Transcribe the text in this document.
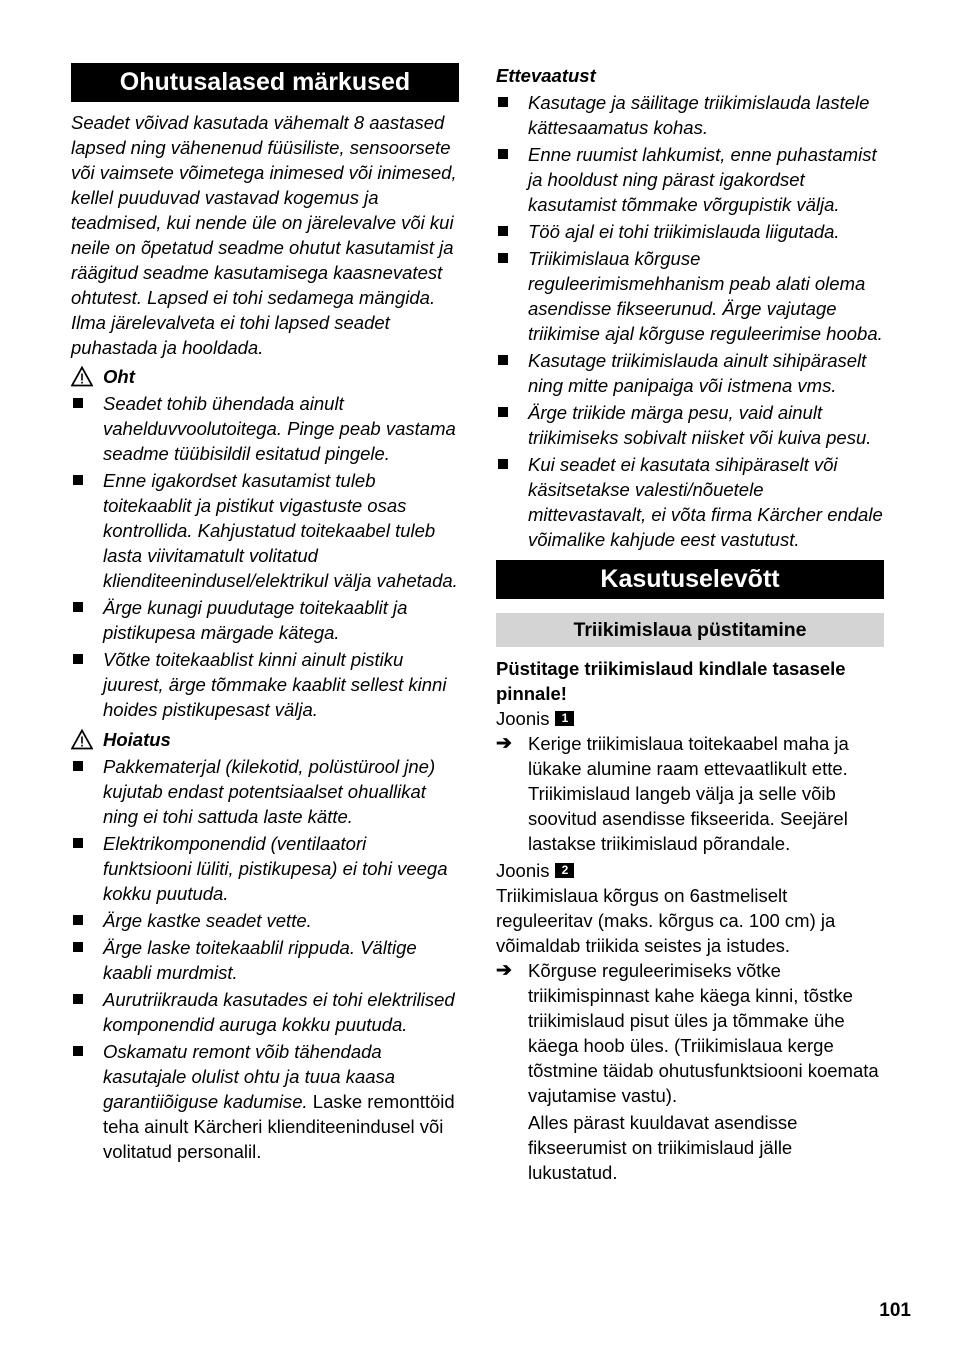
Ohutusalased märkused

Seadet võivad kasutada vähemalt 8 aastased lapsed ning vähenenud füüsiliste, sensoorsete või vaimsete võimetega inimesed või inimesed, kellel puuduvad vastavad kogemus ja teadmised, kui nende üle on järelevalve või kui neile on õpetatud seadme ohutut kasutamist ja räägitud seadme kasutamisega kaasnevatest ohtutest. Lapsed ei tohi sedamega mängida. Ilma järelevalveta ei tohi lapsed seadet puhastada ja hooldada.

Oht
Seadet tohib ühendada ainult vahelduvvoolutoitega. Pinge peab vastama seadme tüübisildil esitatud pingele.
Enne igakordset kasutamist tuleb toitekaablit ja pistikut vigastuste osas kontrollida. Kahjustatud toitekaabel tuleb lasta viivitamatult volitatud klienditeenindusel/elektrikul välja vahetada.
Ärge kunagi puudutage toitekaablit ja pistikupesa märgade kätega.
Võtke toitekaablist kinni ainult pistiku juurest, ärge tõmmake kaablit sellest kinni hoides pistikupesast välja.
Hoiatus
Pakkematerjal (kilekotid, polüstürool jne) kujutab endast potentsiaalset ohuallikat ning ei tohi sattuda laste kätte.
Elektrikomponendid (ventilaatori funktsiooni lüliti, pistikupesa) ei tohi veega kokku puutuda.
Ärge kastke seadet vette.
Ärge laske toitekaablil rippuda. Vältige kaabli murdmist.
Aurutriikrauda kasutades ei tohi elektrilised komponendid auruga kokku puutuda.
Oskamatu remont võib tähendada kasutajale olulist ohtu ja tuua kaasa garantiiõiguse kadumise. Laske remonttöid teha ainult Kärcheri klienditeenindusel või volitatud personalil.
Ettevaatust
Kasutage ja säilitage triikimislauda lastele kättesaamatus kohas.
Enne ruumist lahkumist, enne puhastamist ja hooldust ning pärast igakordset kasutamist tõmmake võrgupistik välja.
Töö ajal ei tohi triikimislauda liigutada.
Triikimislaua kõrguse reguleerimismehhanism peab alati olema asendisse fikseerunud. Ärge vajutage triikimise ajal kõrguse reguleerimise hooba.
Kasutage triikimislauda ainult sihipäraselt ning mitte panipaiga või istmena vms.
Ärge triikide märga pesu, vaid ainult triikimiseks sobivalt niisket või kuiva pesu.
Kui seadet ei kasutata sihipäraselt või käsitsetakse valesti/nõuetele mittevastavalt, ei võta firma Kärcher endale võimalike kahjude eest vastutust.
Kasutuselevõtt
Triikimislaua püstitamine

Püstitage triikimislaud kindlale tasasele pinnale!

Joonis	1
➔ Kerige triikimislaua toitekaabel maha ja lükake alumine raam ettevaatlikult ette. Triikimislaud langeb välja ja selle võib soovitud asendisse fikseerida. Seejärel lastakse triikimislaud põrandale.
Joonis	2

Triikimislaua kõrgus on 6astmeliselt reguleeritav (maks. kõrgus ca. 100 cm) ja võimaldab triikida seistes ja istudes.

➔ Kõrguse reguleerimiseks võtke triikimispinnast kahe käega kinni, tõstke triikimislaud pisut üles ja tõmmake ühe käega hoob üles. (Triikimislaua kerge tõstmine täidab ohutusfunktsiooni koemata vajutamise vastu).

Alles pärast kuuldavat asendisse fikseerumist on triikimislaud jälle lukustatud.

101
